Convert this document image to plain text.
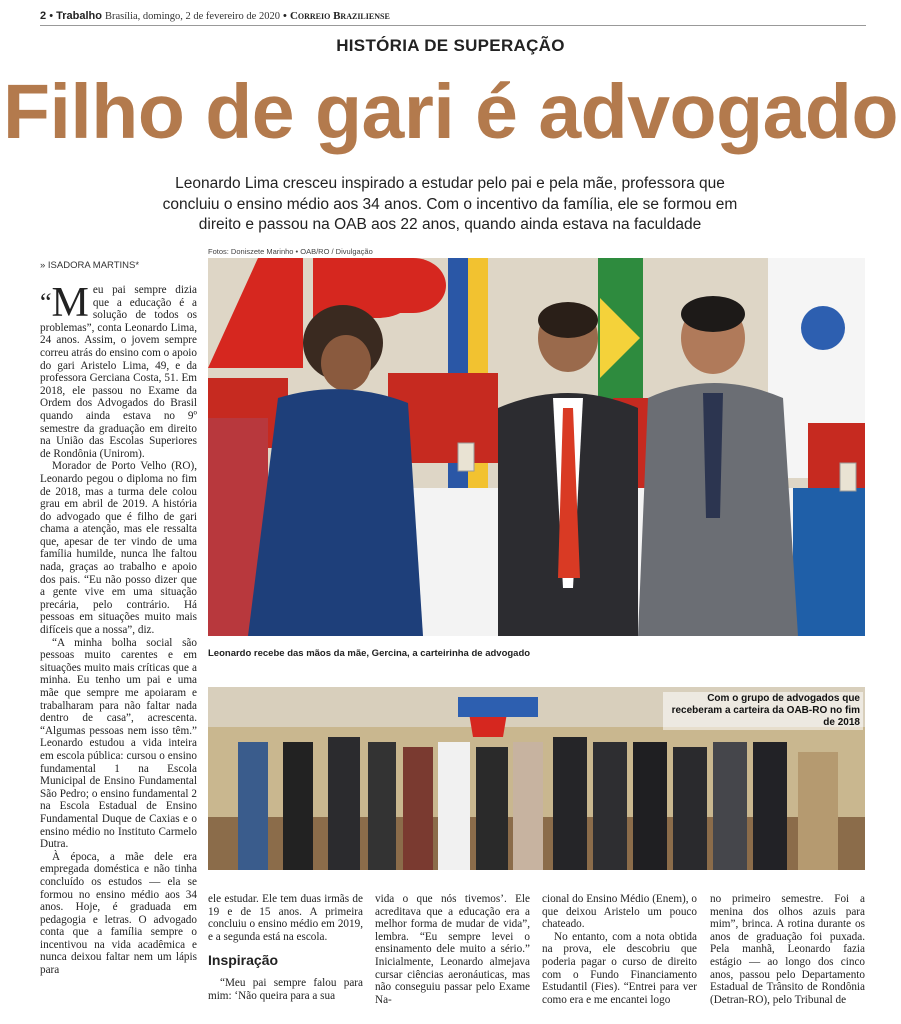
2 • Trabalho Brasília, domingo, 2 de fevereiro de 2020 • Correio Braziliense
HISTÓRIA DE SUPERAÇÃO
Filho de gari é advogado
Leonardo Lima cresceu inspirado a estudar pelo pai e pela mãe, professora que concluiu o ensino médio aos 34 anos. Com o incentivo da família, ele se formou em direito e passou na OAB aos 22 anos, quando ainda estava na faculdade
Fotos: Doniszete Marinho • OAB/RO / Divulgação
» ISADORA MARTINS*

“M eu pai sempre dizia que a educação é a solução de todos os problemas”, conta Leonardo Lima, 24 anos. Assim, o jovem sempre correu atrás do ensino com o apoio do gari Aristelo Lima, 49, e da professora Gerciana Costa, 51. Em 2018, ele passou no Exame da Ordem dos Advogados do Brasil quando ainda estava no 9º semestre da graduação em direito na União das Escolas Superiores de Rondônia (Unirom).

Morador de Porto Velho (RO), Leonardo pegou o diploma no fim de 2018, mas a turma dele colou grau em abril de 2019. A história do advogado que é filho de gari chama a atenção, mas ele ressalta que, apesar de ter vindo de uma família humilde, nunca lhe faltou nada, graças ao trabalho e apoio dos pais. “Eu não posso dizer que a gente vive em uma situação precária, pelo contrário. Há pessoas em situações muito mais difíceis que a nossa”, diz.

“A minha bolha social são pessoas muito carentes e em situações muito mais críticas que a minha. Eu tenho um pai e uma mãe que sempre me apoiaram e trabalharam para não faltar nada dentro de casa”, acrescenta. “Algumas pessoas nem isso têm.” Leonardo estudou a vida inteira em escola pública: cursou o ensino fundamental 1 na Escola Municipal de Ensino Fundamental São Pedro; o ensino fundamental 2 na Escola Estadual de Ensino Fundamental Duque de Caxias e o ensino médio no Instituto Carmelo Dutra.

À época, a mãe dele era empregada doméstica e não tinha concluído os estudos — ela se formou no ensino médio aos 34 anos. Hoje, é graduada em pedagogia e letras. O advogado conta que a família sempre o incentivou na vida acadêmica e nunca deixou faltar nem um lápis para

Leonardo recebe das mãos da mãe, Gercina, a carteirinha de advogado
Com o grupo de advogados que receberam a carteira da OAB-RO no fim de 2018

ele estudar. Ele tem duas irmãs de 19 e de 15 anos. A primeira concluiu o ensino médio em 2019, e a segunda está na escola.

Inspiração

“Meu pai sempre falou para mim: ‘Não queira para a sua

vida o que nós tivemos’. Ele acreditava que a educação era a melhor forma de mudar de vida”, lembra. “Eu sempre levei o ensinamento dele muito a sério.” Inicialmente, Leonardo almejava cursar ciências aeronáuticas, mas não conseguiu passar pelo Exame Na-

cional do Ensino Médio (Enem), o que deixou Aristelo um pouco chateado.

No entanto, com a nota obtida na prova, ele descobriu que poderia pagar o curso de direito com o Fundo Financiamento Estudantil (Fies). “Entrei para ver como era e me encantei logo

no primeiro semestre. Foi a menina dos olhos azuis para mim”, brinca. A rotina durante os anos de graduação foi puxada. Pela manhã, Leonardo fazia estágio — ao longo dos cinco anos, passou pelo Departamento Estadual de Trânsito de Rondônia (Detran-RO), pelo Tribunal de
